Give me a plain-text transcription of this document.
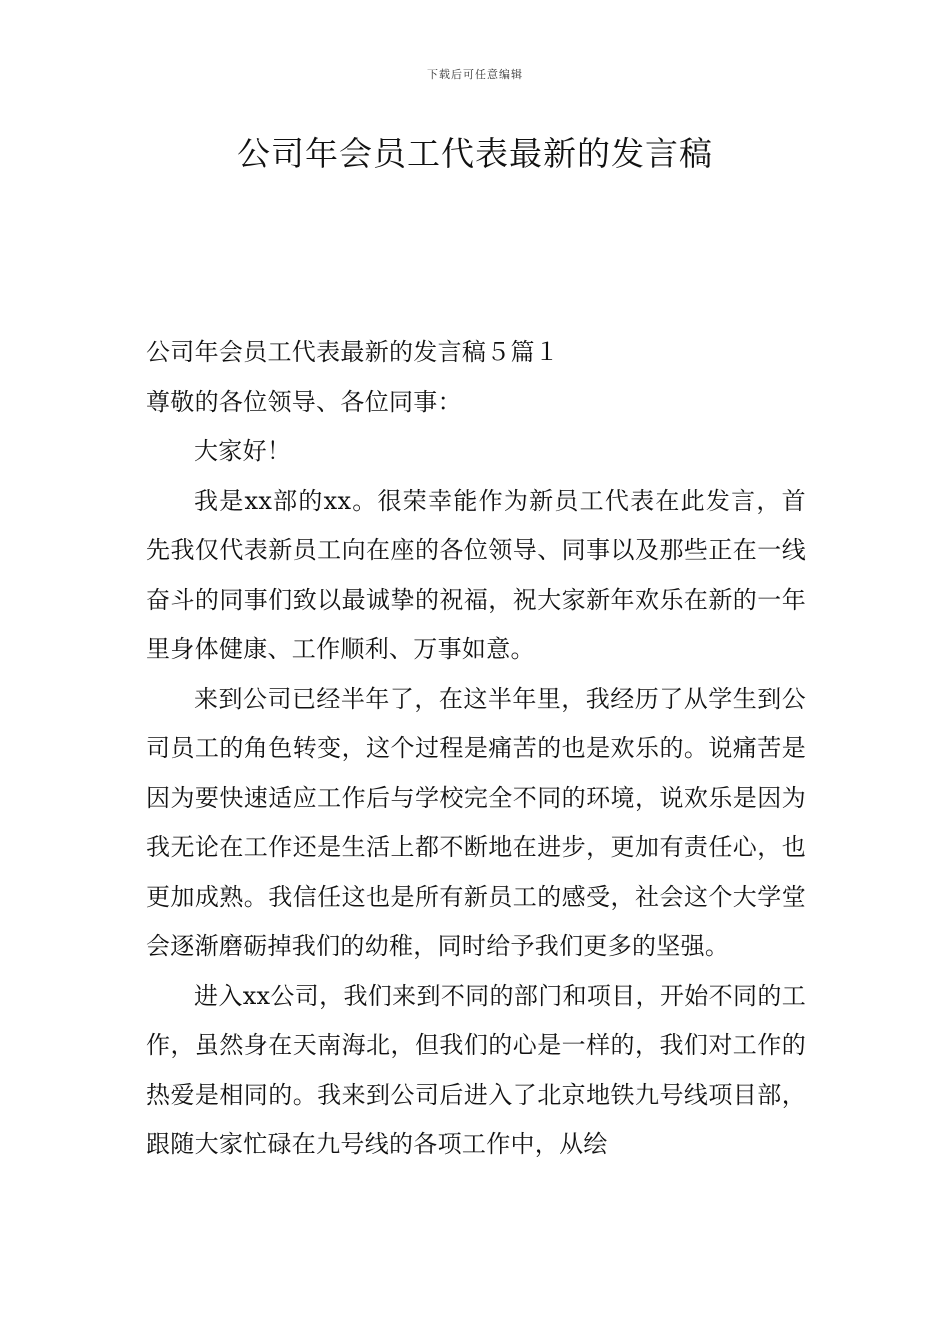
下载后可任意编辑
公司年会员工代表最新的发言稿

公司年会员工代表最新的发言稿５篇１

尊敬的各位领导、各位同事：

大家好！

我是xx部的xx。很荣幸能作为新员工代表在此发言，首先我仅代表新员工向在座的各位领导、同事以及那些正在一线奋斗的同事们致以最诚挚的祝福，祝大家新年欢乐在新的一年里身体健康、工作顺利、万事如意。

来到公司已经半年了，在这半年里，我经历了从学生到公司员工的角色转变，这个过程是痛苦的也是欢乐的。说痛苦是因为要快速适应工作后与学校完全不同的环境，说欢乐是因为我无论在工作还是生活上都不断地在进步，更加有责任心，也更加成熟。我信任这也是所有新员工的感受，社会这个大学堂会逐渐磨砺掉我们的幼稚，同时给予我们更多的坚强。

进入xx公司，我们来到不同的部门和项目，开始不同的工作，虽然身在天南海北，但我们的心是一样的，我们对工作的热爱是相同的。我来到公司后进入了北京地铁九号线项目部，跟随大家忙碌在九号线的各项工作中，从绘
